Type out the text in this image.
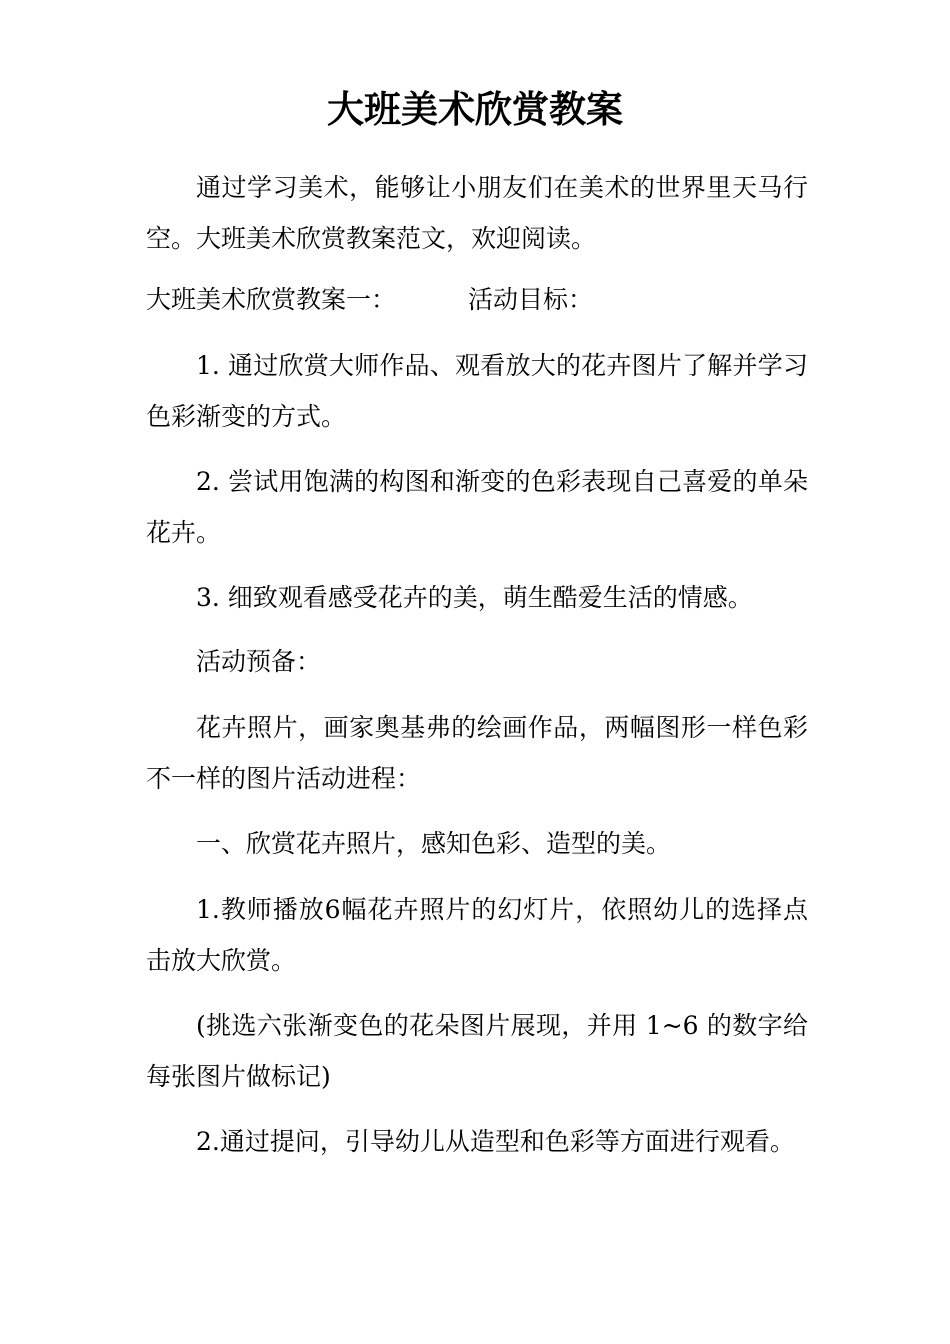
大班美术欣赏教案

通过学习美术，能够让小朋友们在美术的世界里天马行空。大班美术欣赏教案范文，欢迎阅读。

大班美术欣赏教案一：	活动目标：

1. 通过欣赏大师作品、观看放大的花卉图片了解并学习色彩渐变的方式。

2. 尝试用饱满的构图和渐变的色彩表现自己喜爱的单朵花卉。

3. 细致观看感受花卉的美，萌生酷爱生活的情感。

活动预备：

花卉照片，画家奥基弗的绘画作品，两幅图形一样色彩不一样的图片活动进程：

一、欣赏花卉照片，感知色彩、造型的美。

1.教师播放6幅花卉照片的幻灯片，依照幼儿的选择点击放大欣赏。

(挑选六张渐变色的花朵图片展现，并用 1~6 的数字给每张图片做标记)

2.通过提问，引导幼儿从造型和色彩等方面进行观看。
